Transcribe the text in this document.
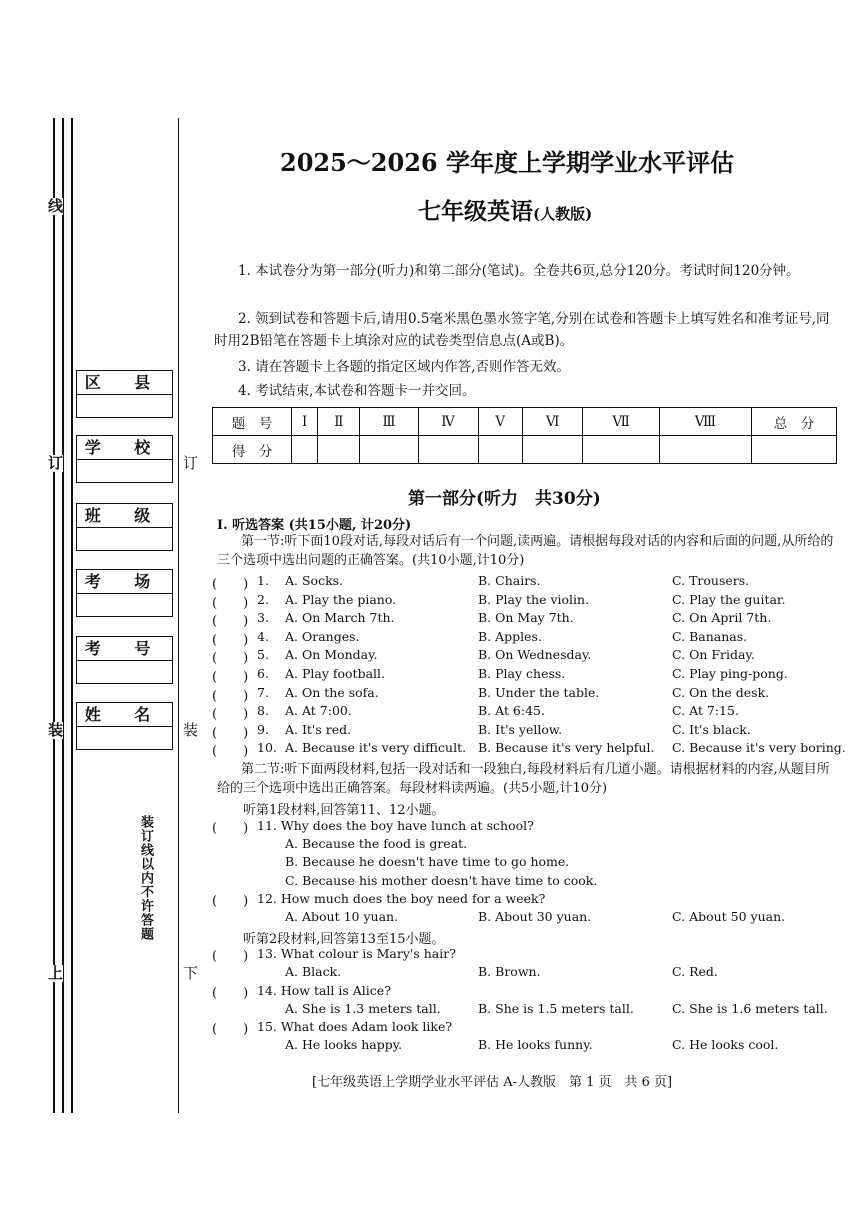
线
订
装
上
订
装
下
装订线以内不许答题
区 县
学 校
班 级
考 场
考 号
姓 名
2025～2026 学年度上学期学业水平评估
七年级英语(人教版)
1. 本试卷分为第一部分(听力)和第二部分(笔试)。全卷共6页,总分120分。考试时间120分钟。
2. 领到试卷和答题卡后,请用0.5毫米黑色墨水签字笔,分别在试卷和答题卡上填写姓名和准考证号,同时用2B铅笔在答题卡上填涂对应的试卷类型信息点(A或B)。
3. 请在答题卡上各题的指定区域内作答,否则作答无效。
4. 考试结束,本试卷和答题卡一并交回。
题　号	Ⅰ	Ⅱ	Ⅲ	Ⅳ	Ⅴ	Ⅵ	Ⅶ	Ⅷ	总　分
得　分									
第一部分(听力　共30分)
Ⅰ. 听选答案 (共15小题, 计20分)
第一节:听下面10段对话,每段对话后有一个问题,读两遍。请根据每段对话的内容和后面的问题,从所给的三个选项中选出问题的正确答案。(共10小题,计10分)
(　　) 1. A. Socks.	B. Chairs.	C. Trousers.
(　　) 2. A. Play the piano.	B. Play the violin.	C. Play the guitar.
(　　) 3. A. On March 7th.	B. On May 7th.	C. On April 7th.
(　　) 4. A. Oranges.	B. Apples.	C. Bananas.
(　　) 5. A. On Monday.	B. On Wednesday.	C. On Friday.
(　　) 6. A. Play football.	B. Play chess.	C. Play ping-pong.
(　　) 7. A. On the sofa.	B. Under the table.	C. On the desk.
(　　) 8. A. At 7:00.	B. At 6:45.	C. At 7:15.
(　　) 9. A. It's red.	B. It's yellow.	C. It's black.
(　　) 10. A. Because it's very difficult. B. Because it's very helpful. C. Because it's very boring.
第二节:听下面两段材料,包括一段对话和一段独白,每段材料后有几道小题。请根据材料的内容,从题目所给的三个选项中选出正确答案。每段材料读两遍。(共5小题,计10分)
听第1段材料,回答第11、12小题。
(　　) 11. Why does the boy have lunch at school?
A. Because the food is great.
B. Because he doesn't have time to go home.
C. Because his mother doesn't have time to cook.
(　　) 12. How much does the boy need for a week?
A. About 10 yuan.	B. About 30 yuan.	C. About 50 yuan.
听第2段材料,回答第13至15小题。
(　　) 13. What colour is Mary's hair?
A. Black.	B. Brown.	C. Red.
(　　) 14. How tall is Alice?
A. She is 1.3 meters tall.	B. She is 1.5 meters tall.	C. She is 1.6 meters tall.
(　　) 15. What does Adam look like?
A. He looks happy.	B. He looks funny.	C. He looks cool.
[七年级英语上学期学业水平评估 A-人教版　第 1 页　共 6 页]
